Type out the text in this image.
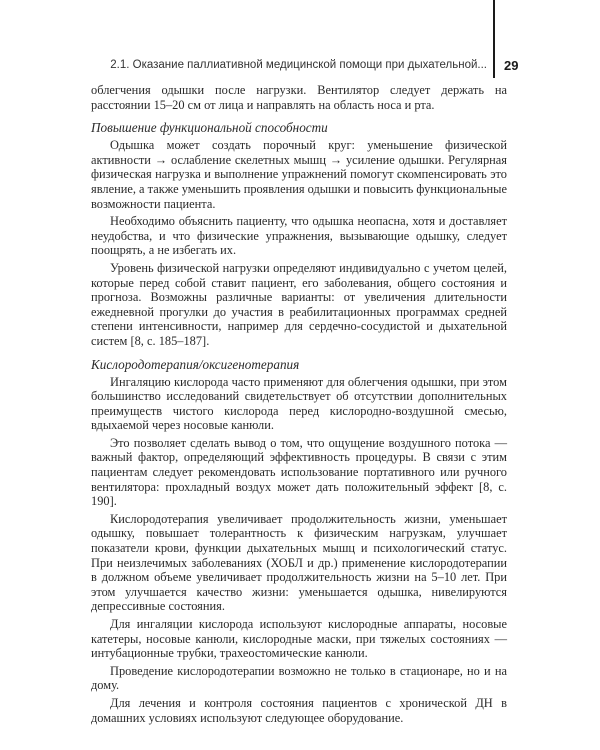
2.1. Оказание паллиативной медицинской помощи при дыхательной... 29

облегчения одышки после нагрузки. Вентилятор следует держать на расстоянии 15–20 см от лица и направлять на область носа и рта.

Повышение функциональной способности

Одышка может создать порочный круг: уменьшение физической активности → ослабление скелетных мышц → усиление одышки. Регулярная физическая нагрузка и выполнение упражнений помогут скомпенсировать это явление, а также уменьшить проявления одышки и повысить функциональные возможности пациента.

Необходимо объяснить пациенту, что одышка неопасна, хотя и доставляет неудобства, и что физические упражнения, вызывающие одышку, следует поощрять, а не избегать их.

Уровень физической нагрузки определяют индивидуально с учетом целей, которые перед собой ставит пациент, его заболевания, общего состояния и прогноза. Возможны различные варианты: от увеличения длительности ежедневной прогулки до участия в реабилитационных программах средней степени интенсивности, например для сердечно-сосудистой и дыхательной систем [8, с. 185–187].

Кислородотерапия/оксигенотерапия

Ингаляцию кислорода часто применяют для облегчения одышки, при этом большинство исследований свидетельствует об отсутствии дополнительных преимуществ чистого кислорода перед кислородно-воздушной смесью, вдыхаемой через носовые канюли.

Это позволяет сделать вывод о том, что ощущение воздушного потока — важный фактор, определяющий эффективность процедуры. В связи с этим пациентам следует рекомендовать использование портативного или ручного вентилятора: прохладный воздух может дать положительный эффект [8, с. 190].

Кислородотерапия увеличивает продолжительность жизни, уменьшает одышку, повышает толерантность к физическим нагрузкам, улучшает показатели крови, функции дыхательных мышц и психологический статус. При неизлечимых заболеваниях (ХОБЛ и др.) применение кислородотерапии в должном объеме увеличивает продолжительность жизни на 5–10 лет. При этом улучшается качество жизни: уменьшается одышка, нивелируются депрессивные состояния.

Для ингаляции кислорода используют кислородные аппараты, носовые катетеры, носовые канюли, кислородные маски, при тяжелых состояниях — интубационные трубки, трахеостомические канюли.

Проведение кислородотерапии возможно не только в стационаре, но и на дому.

Для лечения и контроля состояния пациентов с хронической ДН в домашних условиях используют следующее оборудование.
